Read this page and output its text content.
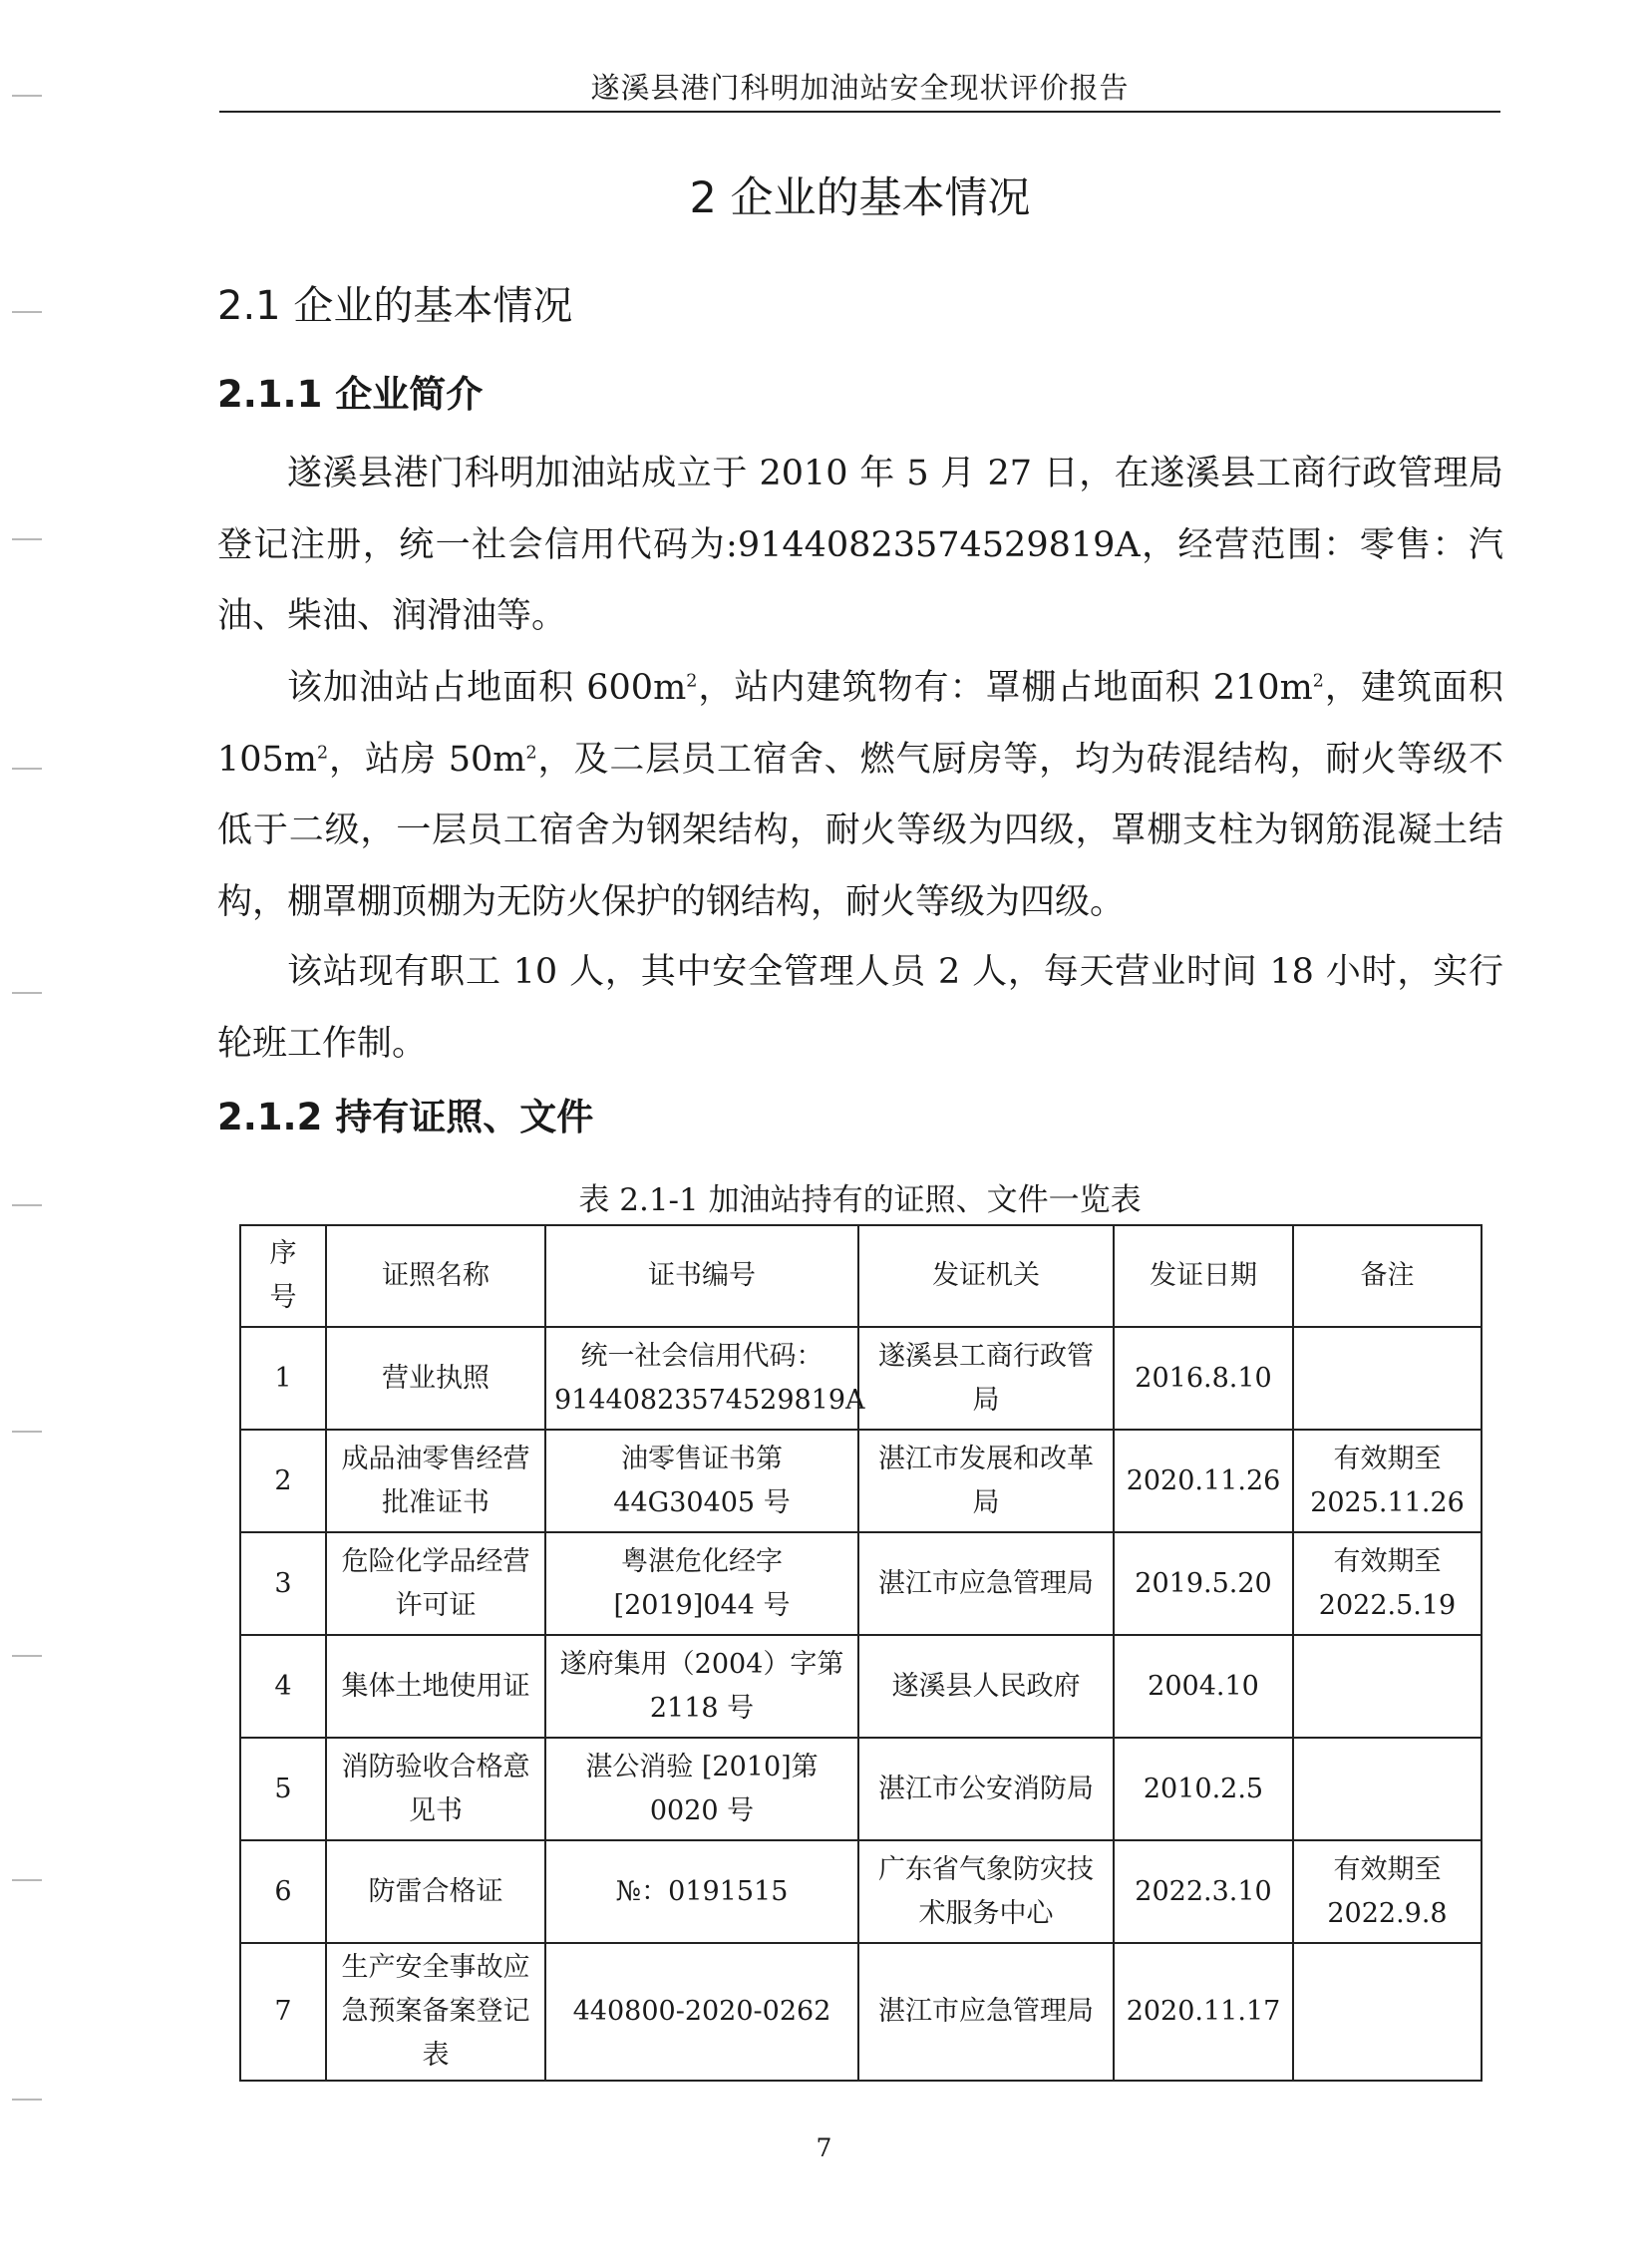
遂溪县港门科明加油站安全现状评价报告
2 企业的基本情况
2.1 企业的基本情况
2.1.1 企业简介

遂溪县港门科明加油站成立于 2010 年 5 月 27 日，在遂溪县工商行政管理局登记注册，统一社会信用代码为:91440823574529819A，经营范围：零售：汽油、柴油、润滑油等。

该加油站占地面积 $600m^2$，站内建筑物有：罩棚占地面积 $210m^2$，建筑面积 $105m^2$，站房 $50m^2$，及二层员工宿舍、燃气厨房等，均为砖混结构，耐火等级不低于二级，一层员工宿舍为钢架结构，耐火等级为四级，罩棚支柱为钢筋混凝土结构，棚罩棚顶棚为无防火保护的钢结构，耐火等级为四级。

该站现有职工 10 人，其中安全管理人员 2 人，每天营业时间 18 小时，实行轮班工作制。

2.1.2 持有证照、文件
表 2.1-1 加油站持有的证照、文件一览表
序
号	证照名称	证书编号	发证机关	发证日期	备注
1	营业执照	统一社会信用代码：91440823574529819A	遂溪县工商行政管局	2016.8.10	
2	成品油零售经营批准证书	油零售证书第44G30405 号	湛江市发展和改革局	2020.11.26	有效期至2025.11.26
3	危险化学品经营许可证	粤湛危化经字[2019]044 号	湛江市应急管理局	2019.5.20	有效期至2022.5.19
4	集体土地使用证	遂府集用（2004）字第2118 号	遂溪县人民政府	2004.10	
5	消防验收合格意见书	湛公消验 [2010]第0020 号	湛江市公安消防局	2010.2.5	
6	防雷合格证	№：0191515	广东省气象防灾技术服务中心	2022.3.10	有效期至2022.9.8
7	生产安全事故应急预案备案登记表	440800-2020-0262	湛江市应急管理局	2020.11.17	
7
